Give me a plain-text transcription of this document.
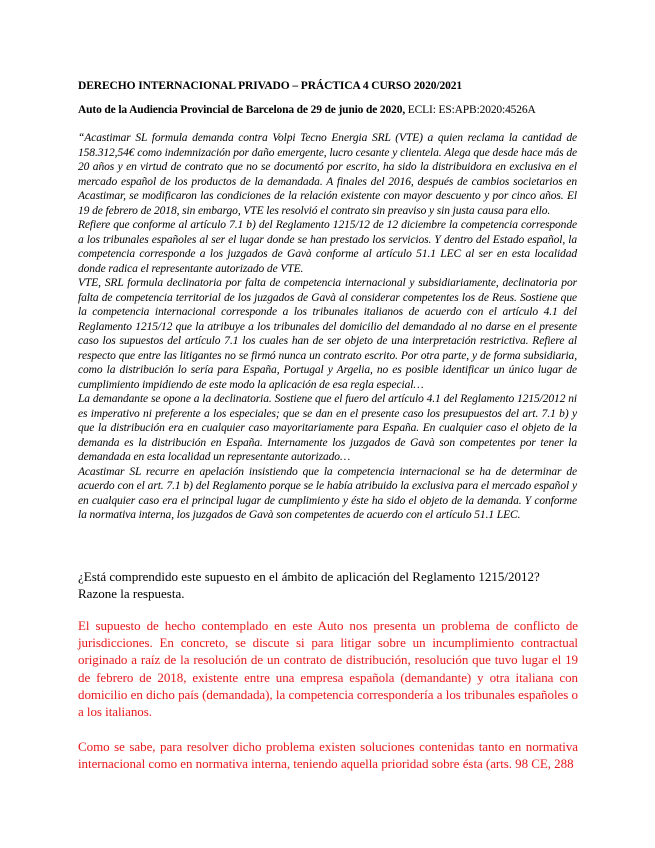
DERECHO INTERNACIONAL PRIVADO – PRÁCTICA 4 CURSO 2020/2021
Auto de la Audiencia Provincial de Barcelona de 29 de junio de 2020, ECLI: ES:APB:2020:4526A

“Acastimar SL formula demanda contra Volpi Tecno Energia SRL (VTE) a quien reclama la cantidad de 158.312,54€ como indemnización por daño emergente, lucro cesante y clientela. Alega que desde hace más de 20 años y en virtud de contrato que no se documentó por escrito, ha sido la distribuidora en exclusiva en el mercado español de los productos de la demandada. A finales del 2016, después de cambios societarios en Acastimar, se modificaron las condiciones de la relación existente con mayor descuento y por cinco años. El 19 de febrero de 2018, sin embargo, VTE les resolvió el contrato sin preaviso y sin justa causa para ello.

Refiere que conforme al artículo 7.1 b) del Reglamento 1215/12 de 12 diciembre la competencia corresponde a los tribunales españoles al ser el lugar donde se han prestado los servicios. Y dentro del Estado español, la competencia corresponde a los juzgados de Gavà conforme al artículo 51.1 LEC al ser en esta localidad donde radica el representante autorizado de VTE.

VTE, SRL formula declinatoria por falta de competencia internacional y subsidiariamente, declinatoria por falta de competencia territorial de los juzgados de Gavà al considerar competentes los de Reus. Sostiene que la competencia internacional corresponde a los tribunales italianos de acuerdo con el artículo 4.1 del Reglamento 1215/12 que la atribuye a los tribunales del domicilio del demandado al no darse en el presente caso los supuestos del artículo 7.1 los cuales han de ser objeto de una interpretación restrictiva. Refiere al respecto que entre las litigantes no se firmó nunca un contrato escrito. Por otra parte, y de forma subsidiaria, como la distribución lo sería para España, Portugal y Argelia, no es posible identificar un único lugar de cumplimiento impidiendo de este modo la aplicación de esa regla especial…

La demandante se opone a la declinatoria. Sostiene que el fuero del artículo 4.1 del Reglamento 1215/2012 ni es imperativo ni preferente a los especiales; que se dan en el presente caso los presupuestos del art. 7.1 b) y que la distribución era en cualquier caso mayoritariamente para España. En cualquier caso el objeto de la demanda es la distribución en España. Internamente los juzgados de Gavà son competentes por tener la demandada en esta localidad un representante autorizado…

Acastimar SL recurre en apelación insistiendo que la competencia internacional se ha de determinar de acuerdo con el art. 7.1 b) del Reglamento porque se le había atribuido la exclusiva para el mercado español y en cualquier caso era el principal lugar de cumplimiento y éste ha sido el objeto de la demanda. Y conforme la normativa interna, los juzgados de Gavà son competentes de acuerdo con el artículo 51.1 LEC.

¿Está comprendido este supuesto en el ámbito de aplicación del Reglamento 1215/2012? Razone la respuesta.

El supuesto de hecho contemplado en este Auto nos presenta un problema de conflicto de jurisdicciones. En concreto, se discute si para litigar sobre un incumplimiento contractual originado a raíz de la resolución de un contrato de distribución, resolución que tuvo lugar el 19 de febrero de 2018, existente entre una empresa española (demandante) y otra italiana con domicilio en dicho país (demandada), la competencia correspondería a los tribunales españoles o a los italianos.

Como se sabe, para resolver dicho problema existen soluciones contenidas tanto en normativa internacional como en normativa interna, teniendo aquella prioridad sobre ésta (arts. 98 CE, 288
